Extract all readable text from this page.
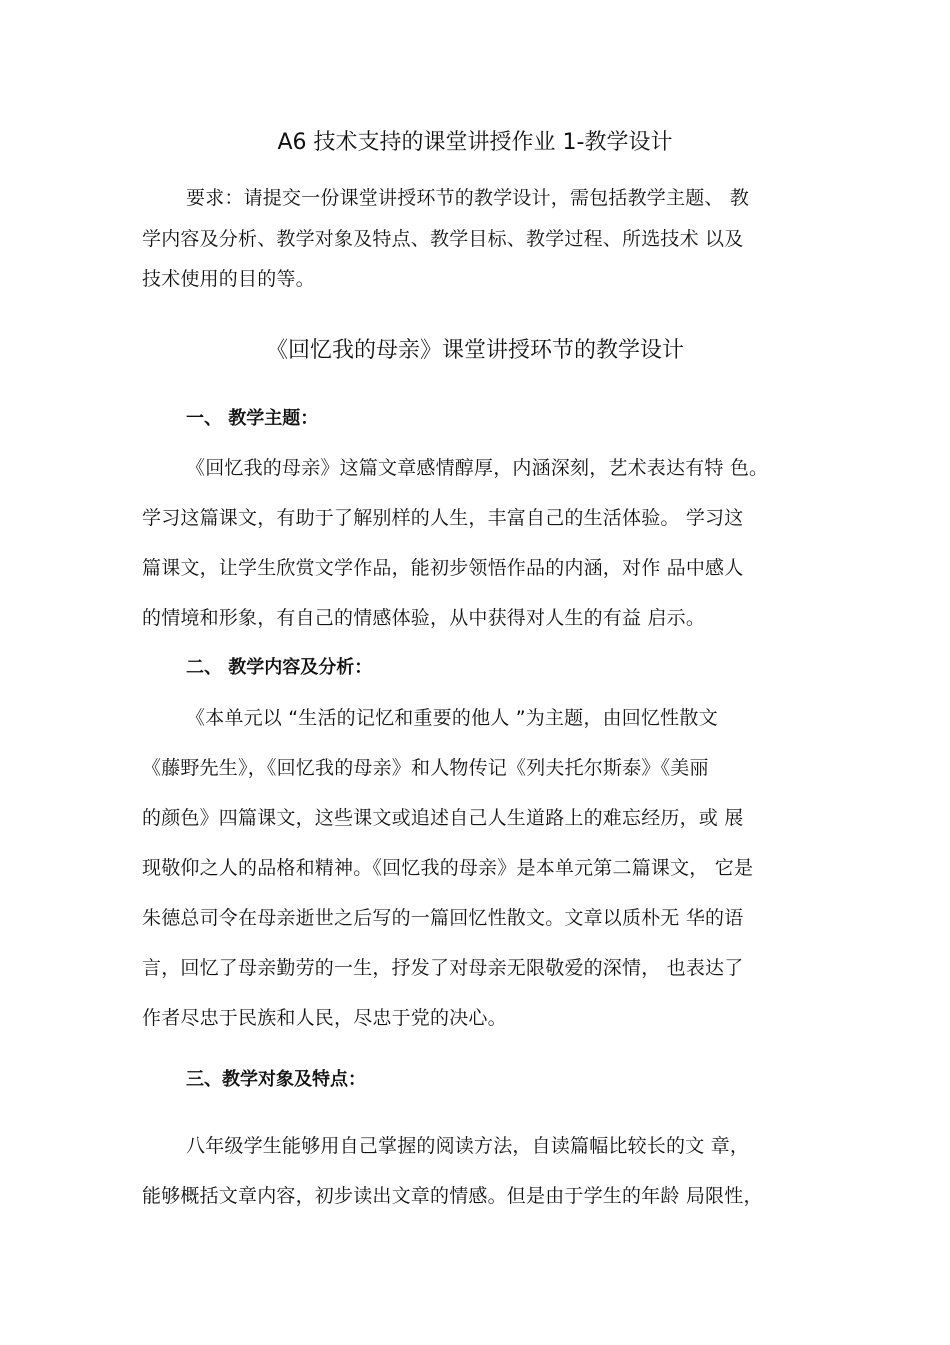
A6 技术支持的课堂讲授作业 1-教学设计
要求：请提交一份课堂讲授环节的教学设计，需包括教学主题、 教
学内容及分析、教学对象及特点、教学目标、教学过程、所选技术 以及
技术使用的目的等。
《回忆我的母亲》课堂讲授环节的教学设计
一、 教学主题：
《回忆我的母亲》这篇文章感情醇厚，内涵深刻，艺术表达有特 色。
学习这篇课文，有助于了解别样的人生，丰富自己的生活体验。 学习这
篇课文，让学生欣赏文学作品，能初步领悟作品的内涵，对作 品中感人
的情境和形象，有自己的情感体验，从中获得对人生的有益 启示。
二、 教学内容及分析：
《本单元以 “生活的记忆和重要的他人 ”为主题，由回忆性散文
《藤野先生》，《回忆我的母亲》和人物传记《列夫托尔斯泰》《美丽
的颜色》四篇课文，这些课文或追述自己人生道路上的难忘经历，或 展
现敬仰之人的品格和精神。《回忆我的母亲》是本单元第二篇课文， 它是
朱德总司令在母亲逝世之后写的一篇回忆性散文。文章以质朴无 华的语
言，回忆了母亲勤劳的一生，抒发了对母亲无限敬爱的深情， 也表达了
作者尽忠于民族和人民，尽忠于党的决心。
三、教学对象及特点：
八年级学生能够用自己掌握的阅读方法，自读篇幅比较长的文 章，
能够概括文章内容，初步读出文章的情感。但是由于学生的年龄 局限性，
